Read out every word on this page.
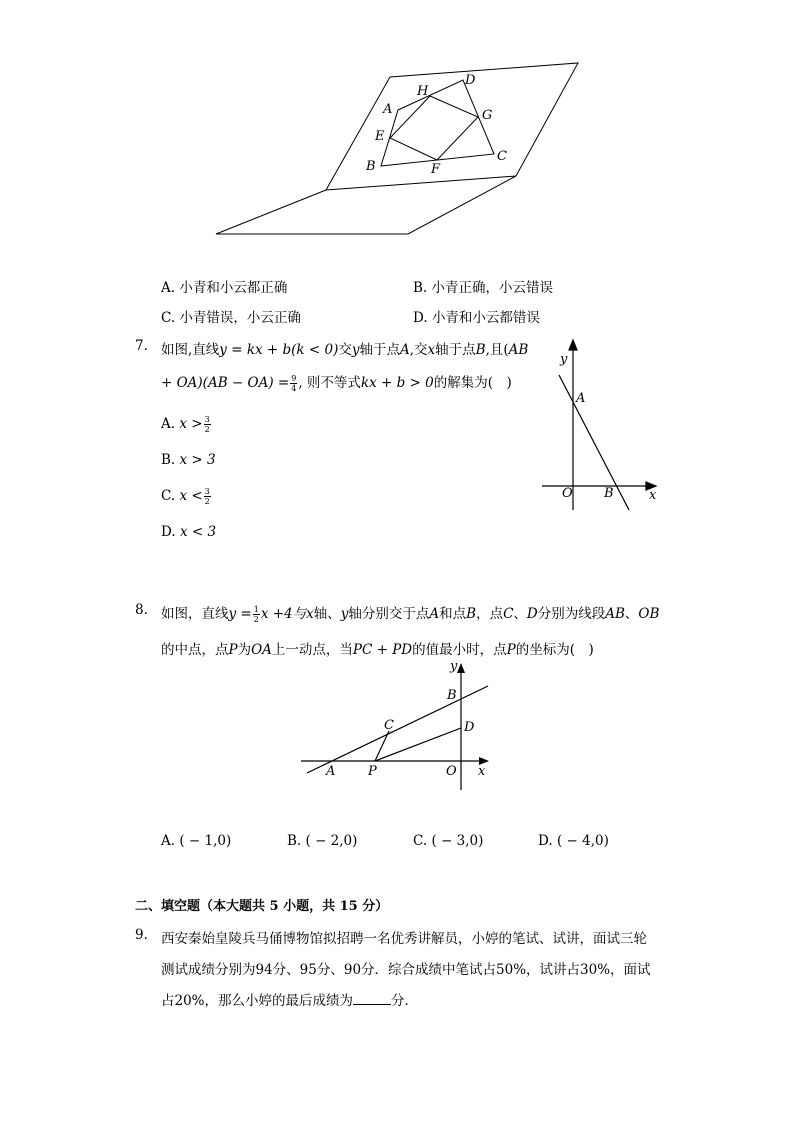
D
H
A	G
E
C
B	F
A. 小青和小云都正确	B. 小青正确，小云错误
C. 小青错误，小云正确	D. 小青和小云都错误
7. 如图,直线y = kx + b(k < 0)交y轴于点A,交x轴于点B,且(AB
+ $OA)(AB - OA) = \frac{9}{4}$ , 则不等式kx + b > 0的解集为(　)
A. $x > \frac{3}{2}$
B. x > 3
C. $x < \frac{3}{2}$
D. x < 3
y
A
O B	x
8. 如图，直线$y = \frac{1}{2}$ x +4与x轴、y轴分别交于点A和点B，点C、D分别为线段AB、OB
的中点，点P为OA上一动点，当PC + PD的值最小时，点P的坐标为(　)
y
B
C	D
A	P	O x
A. ( − 1,0)	B. ( − 2,0)	C. ( − 3,0)	D. ( − 4,0)
二、填空题（本大题共 5 小题，共 15 分）
9. 西安秦始皇陵兵马俑博物馆拟招聘一名优秀讲解员，小婷的笔试、试讲，面试三轮
测试成绩分别为94分、95分、90分．综合成绩中笔试占50%，试讲占30%，面试
占20%，那么小婷的最后成绩为	分．
